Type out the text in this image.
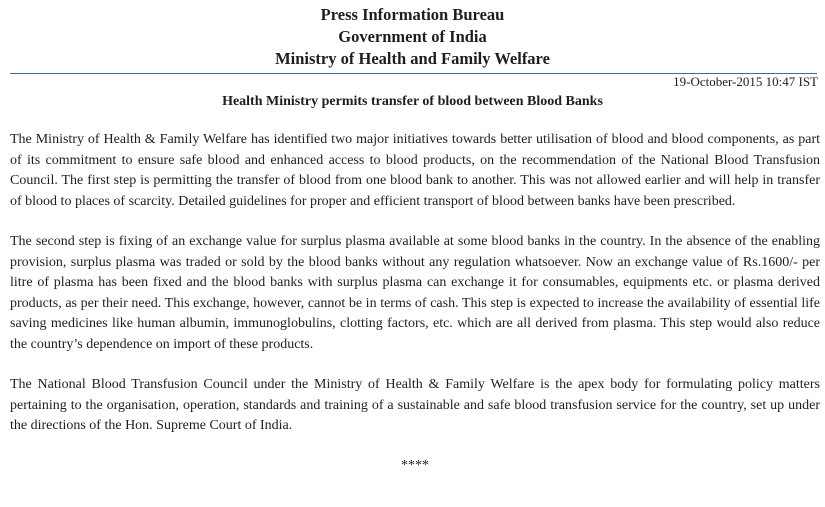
Press Information Bureau
Government of India
Ministry of Health and Family Welfare
19-October-2015 10:47 IST
Health Ministry permits transfer of blood between Blood Banks

The Ministry of Health & Family Welfare has identified two major initiatives towards better utilisation of blood and blood components, as part of its commitment to ensure safe blood and enhanced access to blood products, on the recommendation of the National Blood Transfusion Council. The first step is permitting the transfer of blood from one blood bank to another. This was not allowed earlier and will help in transfer of blood to places of scarcity. Detailed guidelines for proper and efficient transport of blood between banks have been prescribed.

The second step is fixing of an exchange value for surplus plasma available at some blood banks in the country. In the absence of the enabling provision, surplus plasma was traded or sold by the blood banks without any regulation whatsoever. Now an exchange value of Rs.1600/- per litre of plasma has been fixed and the blood banks with surplus plasma can exchange it for consumables, equipments etc. or plasma derived products, as per their need. This exchange, however, cannot be in terms of cash. This step is expected to increase the availability of essential life saving medicines like human albumin, immunoglobulins, clotting factors, etc. which are all derived from plasma. This step would also reduce the country’s dependence on import of these products.

The National Blood Transfusion Council under the Ministry of Health & Family Welfare is the apex body for formulating policy matters pertaining to the organisation, operation, standards and training of a sustainable and safe blood transfusion service for the country, set up under the directions of the Hon. Supreme Court of India.

****
